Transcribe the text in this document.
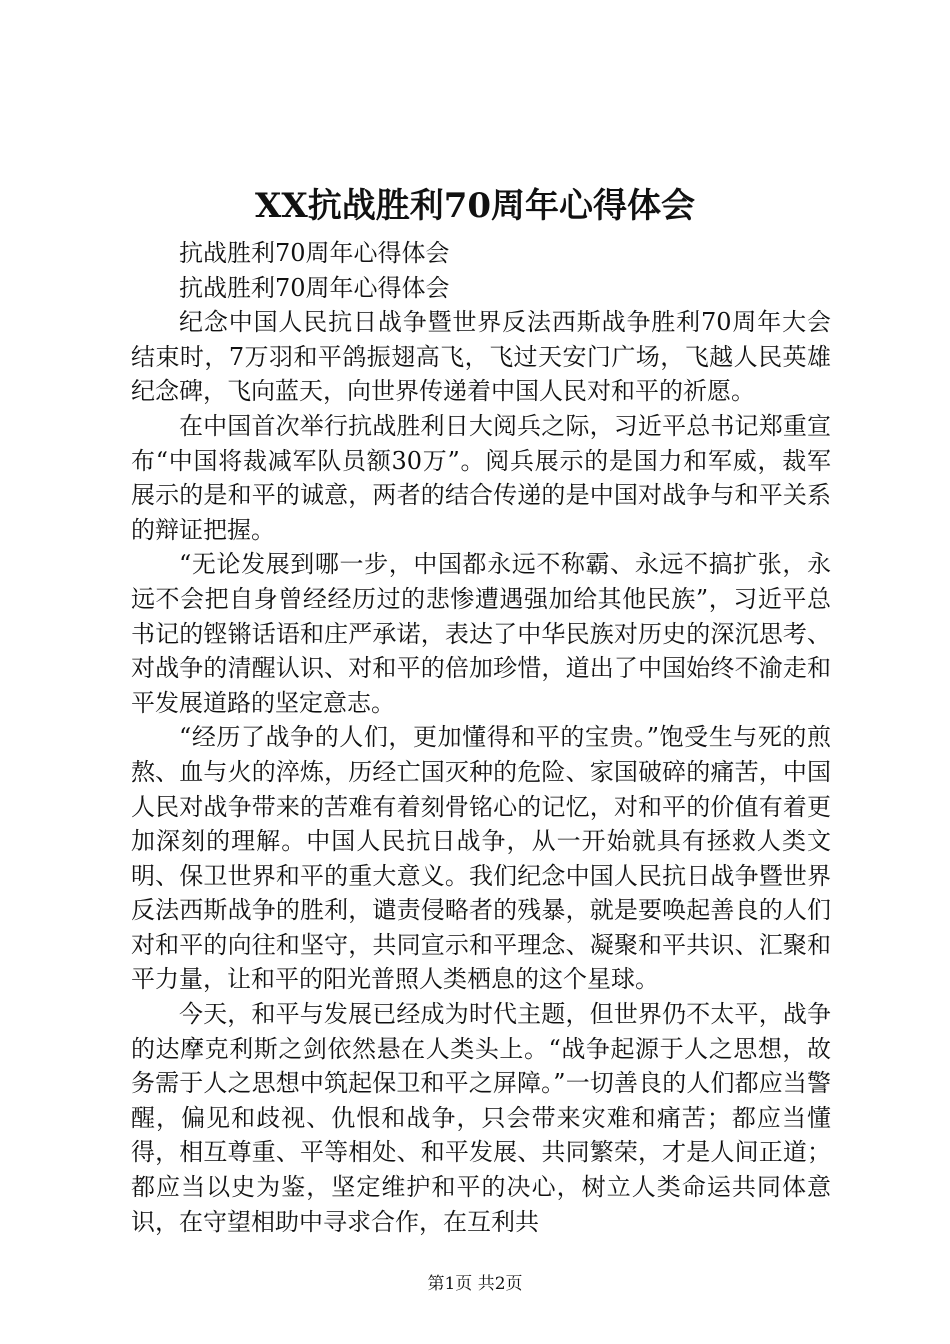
XX抗战胜利70周年心得体会

抗战胜利70周年心得体会

抗战胜利70周年心得体会

纪念中国人民抗日战争暨世界反法西斯战争胜利70周年大会结束时，7万羽和平鸽振翅高飞，飞过天安门广场，飞越人民英雄纪念碑，飞向蓝天，向世界传递着中国人民对和平的祈愿。

在中国首次举行抗战胜利日大阅兵之际，习近平总书记郑重宣布“中国将裁减军队员额30万”。阅兵展示的是国力和军威，裁军展示的是和平的诚意，两者的结合传递的是中国对战争与和平关系的辩证把握。

“无论发展到哪一步，中国都永远不称霸、永远不搞扩张，永远不会把自身曾经经历过的悲惨遭遇强加给其他民族”，习近平总书记的铿锵话语和庄严承诺，表达了中华民族对历史的深沉思考、对战争的清醒认识、对和平的倍加珍惜，道出了中国始终不渝走和平发展道路的坚定意志。

“经历了战争的人们，更加懂得和平的宝贵。”饱受生与死的煎熬、血与火的淬炼，历经亡国灭种的危险、家国破碎的痛苦，中国人民对战争带来的苦难有着刻骨铭心的记忆，对和平的价值有着更加深刻的理解。中国人民抗日战争，从一开始就具有拯救人类文明、保卫世界和平的重大意义。我们纪念中国人民抗日战争暨世界反法西斯战争的胜利，谴责侵略者的残暴，就是要唤起善良的人们对和平的向往和坚守，共同宣示和平理念、凝聚和平共识、汇聚和平力量，让和平的阳光普照人类栖息的这个星球。

今天，和平与发展已经成为时代主题，但世界仍不太平，战争的达摩克利斯之剑依然悬在人类头上。“战争起源于人之思想，故务需于人之思想中筑起保卫和平之屏障。”一切善良的人们都应当警醒，偏见和歧视、仇恨和战争，只会带来灾难和痛苦；都应当懂得，相互尊重、平等相处、和平发展、共同繁荣，才是人间正道；都应当以史为鉴，坚定维护和平的决心，树立人类命运共同体意识，在守望相助中寻求合作，在互利共

第1页 共2页
